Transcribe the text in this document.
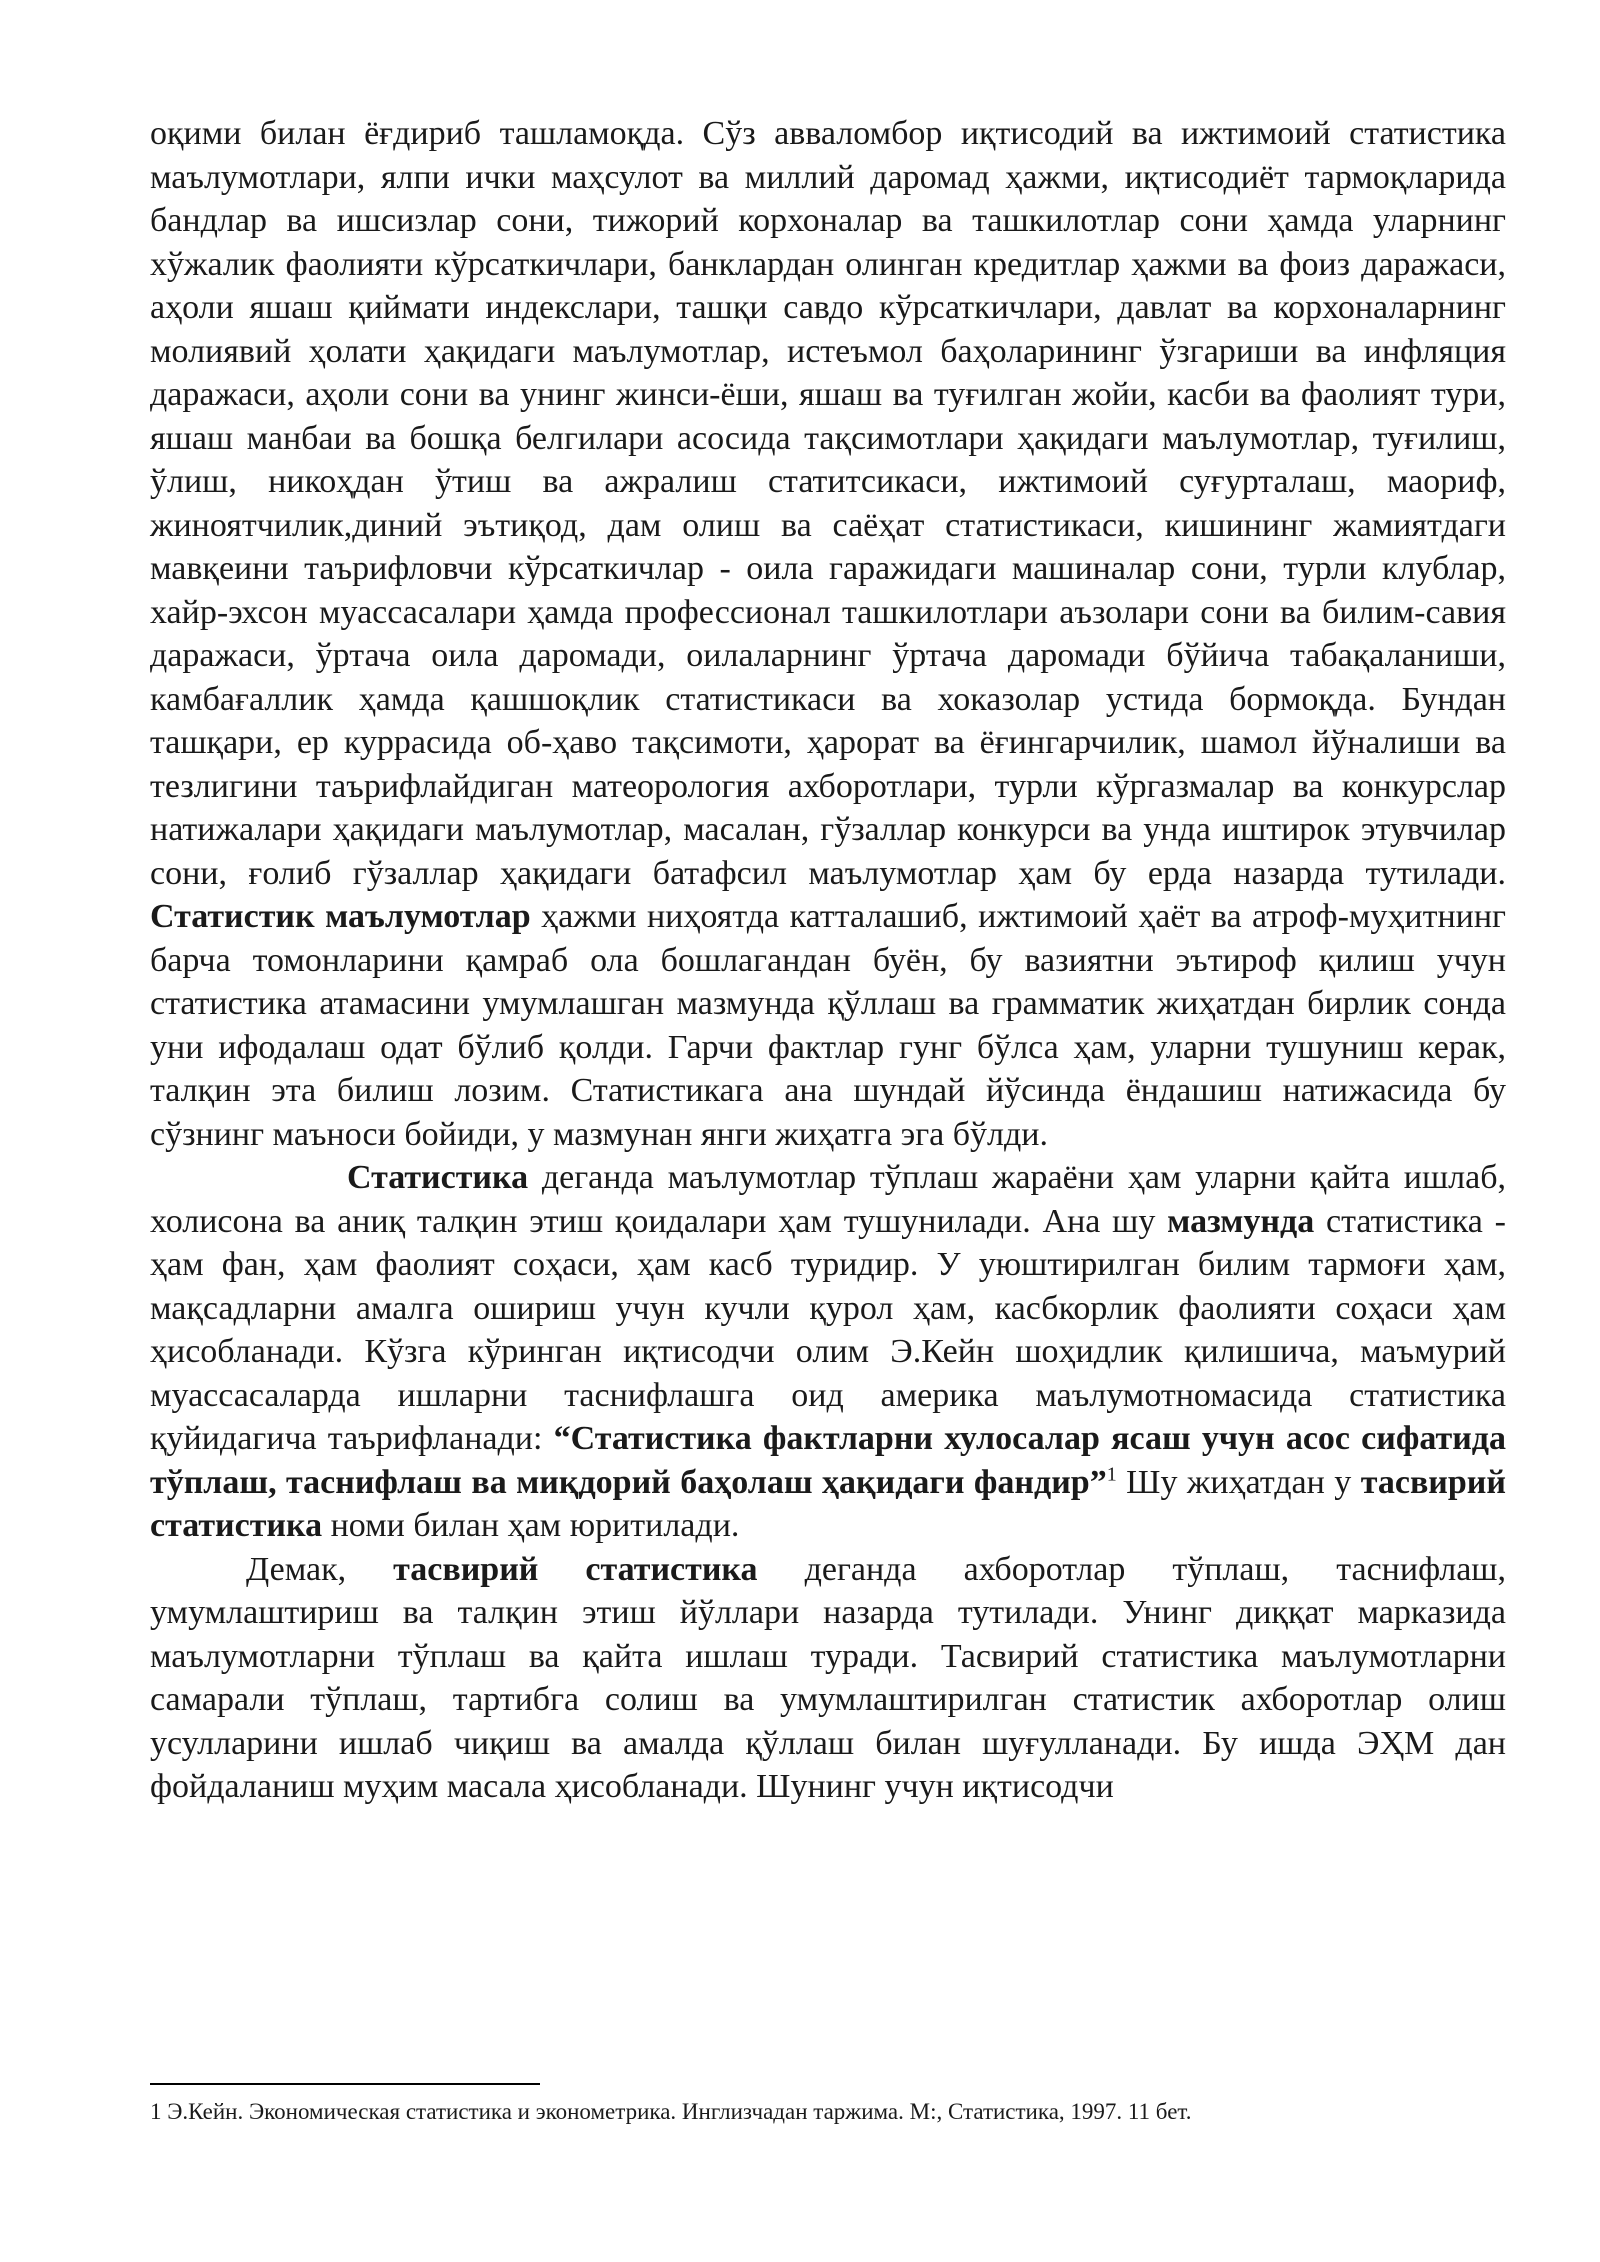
оқими билан ёғдириб ташламоқда. Сўз авваломбор иқтисодий ва ижтимоий статистика маълумотлари, ялпи ички маҳсулот ва миллий даромад ҳажми, иқтисодиёт тармоқларида бандлар ва ишсизлар сони, тижорий корхоналар ва ташкилотлар сони ҳамда уларнинг хўжалик фаолияти кўрсаткичлари, банклардан олинган кредитлар ҳажми ва фоиз даражаси, аҳоли яшаш қиймати индекслари, ташқи савдо кўрсаткичлари, давлат ва корхоналарнинг молиявий ҳолати ҳақидаги маълумотлар, истеъмол баҳоларининг ўзгариши ва инфляция даражаси, аҳоли сони ва унинг жинси-ёши, яшаш ва туғилган жойи, касби ва фаолият тури, яшаш манбаи ва бошқа белгилари асосида тақсимотлари ҳақидаги маълумотлар, туғилиш, ўлиш, никоҳдан ўтиш ва ажралиш статитсикаси, ижтимоий суғурталаш, маориф, жиноятчилик,диний эътиқод, дам олиш ва саёҳат статистикаси, кишининг жамиятдаги мавқеини таърифловчи кўрсаткичлар - оила гаражидаги машиналар сони, турли клублар, хайр-эхсон муассасалари ҳамда профессионал ташкилотлари аъзолари сони ва билим-савия даражаси, ўртача оила даромади, оилаларнинг ўртача даромади бўйича табақаланиши, камбағаллик ҳамда қашшоқлик статистикаси ва хоказолар устида бормоқда. Бундан ташқари, ер куррасида об-ҳаво тақсимоти, ҳарорат ва ёғингарчилик, шамол йўналиши ва тезлигини таърифлайдиган матеорология ахборотлари, турли кўргазмалар ва конкурслар натижалари ҳақидаги маълумотлар, масалан, гўзаллар конкурси ва унда иштирок этувчилар сони, ғолиб гўзаллар ҳақидаги батафсил маълумотлар ҳам бу ерда назарда тутилади. Статистик маълумотлар ҳажми ниҳоятда катталашиб, ижтимоий ҳаёт ва атроф-муҳитнинг барча томонларини қамраб ола бошлагандан буён, бу вазиятни эътироф қилиш учун статистика атамасини умумлашган мазмунда қўллаш ва грамматик жиҳатдан бирлик сонда уни ифодалаш одат бўлиб қолди. Гарчи фактлар гунг бўлса ҳам, уларни тушуниш керак, талқин эта билиш лозим. Статистикага ана шундай йўсинда ёндашиш натижасида бу сўзнинг маъноси бойиди, у мазмунан янги жиҳатга эга бўлди.

Статистика деганда маълумотлар тўплаш жараёни ҳам уларни қайта ишлаб, холисона ва аниқ талқин этиш қоидалари ҳам тушунилади. Ана шу мазмунда статистика - ҳам фан, ҳам фаолият соҳаси, ҳам касб туридир. У уюштирилган билим тармоғи ҳам, мақсадларни амалга ошириш учун кучли қурол ҳам, касбкорлик фаолияти соҳаси ҳам ҳисобланади. Кўзга кўринган иқтисодчи олим Э.Кейн шоҳидлик қилишича, маъмурий муассасаларда ишларни таснифлашга оид америка маълумотномасида статистика қуйидагича таърифланади: “Статистика фактларни хулосалар ясаш учун асос сифатида тўплаш, таснифлаш ва миқдорий баҳолаш ҳақидаги фандир”$^1$ Шу жиҳатдан у тасвирий статистика номи билан ҳам юритилади.

Демак, тасвирий статистика деганда ахборотлар тўплаш, таснифлаш, умумлаштириш ва талқин этиш йўллари назарда тутилади. Унинг диққат марказида маълумотларни тўплаш ва қайта ишлаш туради. Тасвирий статистика маълумотларни самарали тўплаш, тартибга солиш ва умумлаштирилган статистик ахборотлар олиш усулларини ишлаб чиқиш ва амалда қўллаш билан шуғулланади. Бу ишда ЭҲМ дан фойдаланиш муҳим масала ҳисобланади. Шунинг учун иқтисодчи

1 Э.Кейн. Экономическая статистика и эконометрика. Инглизчадан таржима. М:, Статистика, 1997. 11 бет.
